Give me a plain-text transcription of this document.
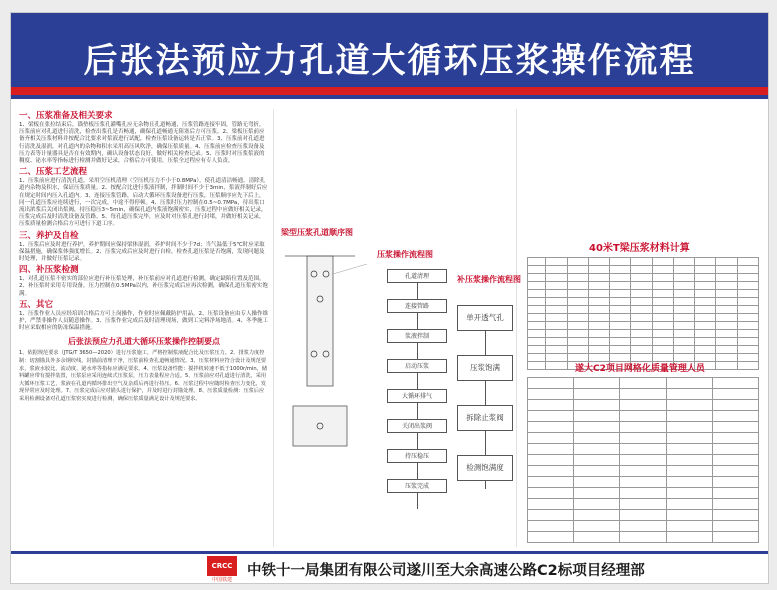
后张法预应力孔道大循环压浆操作流程
一、压浆准备及相关要求

1、梁板在张拉结束后，锚垫板压浆孔灌嘴孔应无杂物且孔道畅通，压浆管路连接牢固，管路无弯折，压浆前应对孔道进行清洗，检查出浆孔是否畅通，确保孔道畅通无阻塞后方可压浆。2、梁板压浆前应备齐相关压浆材料并按配合比要求对浆液进行试配，检查压浆设备运转是否正常。3、压浆前对孔道进行清洗及湿润，对孔道内的杂物和积水采用高压风吹净，确保压浆质量。4、压浆前应检查压浆设备及压力表等计量器具是否在有效期内，确认设备状态良好，做好相关检查记录。5、压浆时对压浆浆液的稠度、泌水率等指标进行检测并做好记录，合格后方可使用，压浆全过程应有专人负责。

二、压浆工艺流程

1、压浆前应进行清洗孔道，采用空压机清理（空压机压力不小于0.8MPa），使孔道清洁畅通，清除孔道内杂物及积水，保证压浆质量。2、按配合比进行浆液拌制，拌制时间不少于3min，浆液拌制好后应在规定时间内压入孔道内。3、连接压浆管路，启动大循环压浆设备进行压浆，压浆顺序应先下后上，同一孔道压浆应连续进行，一次完成，中途不得停顿。4、压浆时压力控制在0.5~0.7MPa，待出浆口流出浓浆后关闭出浆阀，持压稳压3~5min，确保孔道内浆液饱满密实，压浆过程中应做好相关记录，压浆完成后及时清洗设备及管路。5、每孔道压浆完毕，应及时对压浆孔进行封堵，并做好相关记录，压浆质量检测合格后方可进行下道工序。

三、养护及自检

1、压浆后应及时进行养护，养护期间应保持梁体湿润，养护时间不少于7d；当气温低于5℃时应采取保温措施，确保浆体强度增长。2、压浆完成后应及时进行自检，检查孔道压浆是否饱满，发现问题及时处理，并做好压浆记录。

四、补压浆检测

1、对孔道压浆不密实的部位应进行补压浆处理，补压浆前应对孔道进行检测，确定缺陷位置及范围。2、补压浆时采用专用设备，压力控制在0.5MPa以内，补压浆完成后应再次检测，确保孔道压浆密实饱满。

五、其它

1、压浆作业人员应经培训合格后方可上岗操作，作业时应佩戴防护用品。2、压浆设备应由专人操作维护，严禁非操作人员随意操作。3、压浆作业完成后及时清理现场，做到工完料净场地清。4、冬季施工时应采取相应的防冻保温措施。

后张法预应力孔道大循环压浆操作控制要点

1、依据规范要求（JTG/T 3650—2020）进行压浆施工，严格控制浆液配合比及压浆压力。2、排浆力度控制：切割锚具外多余钢绞线，封锚前清理干净，压浆前检查孔道畅通情况。3、压浆材料应符合设计及规范要求，浆液水胶比、流动度、泌水率等指标应满足要求。4、压浆设备性能：搅拌机转速不低于1000r/min，储料罐应带有搅拌装置，压浆泵应采用连续式压浆泵，压力表量程应合适。5、压浆前应对孔道进行清洗，采用大循环压浆工艺，浆液在孔道内循环排出空气及杂质后再进行持压。6、压浆过程中应随时检查压力变化，发现异常应及时处理。7、压浆完成后应对锚头进行保护，并及时进行封锚处理。8、压浆质量检测：压浆后应采用检测设备对孔道压浆密实度进行检测，确保压浆质量满足设计及规范要求。

梁型压浆孔道顺序图
压浆操作流程图
孔道清理
连接管路
浆液拌制
启动压浆
大循环排气
关闭出浆阀
持压稳压
压浆完成
补压浆操作流程图
单开透气孔
压浆饱满
拆除止浆阀
检测饱满度
40米T梁压浆材料计算

遂大C2项目网格化质量管理人员

CRCC
中国铁建
中铁十一局集团有限公司遂川至大余高速公路C2标项目经理部
